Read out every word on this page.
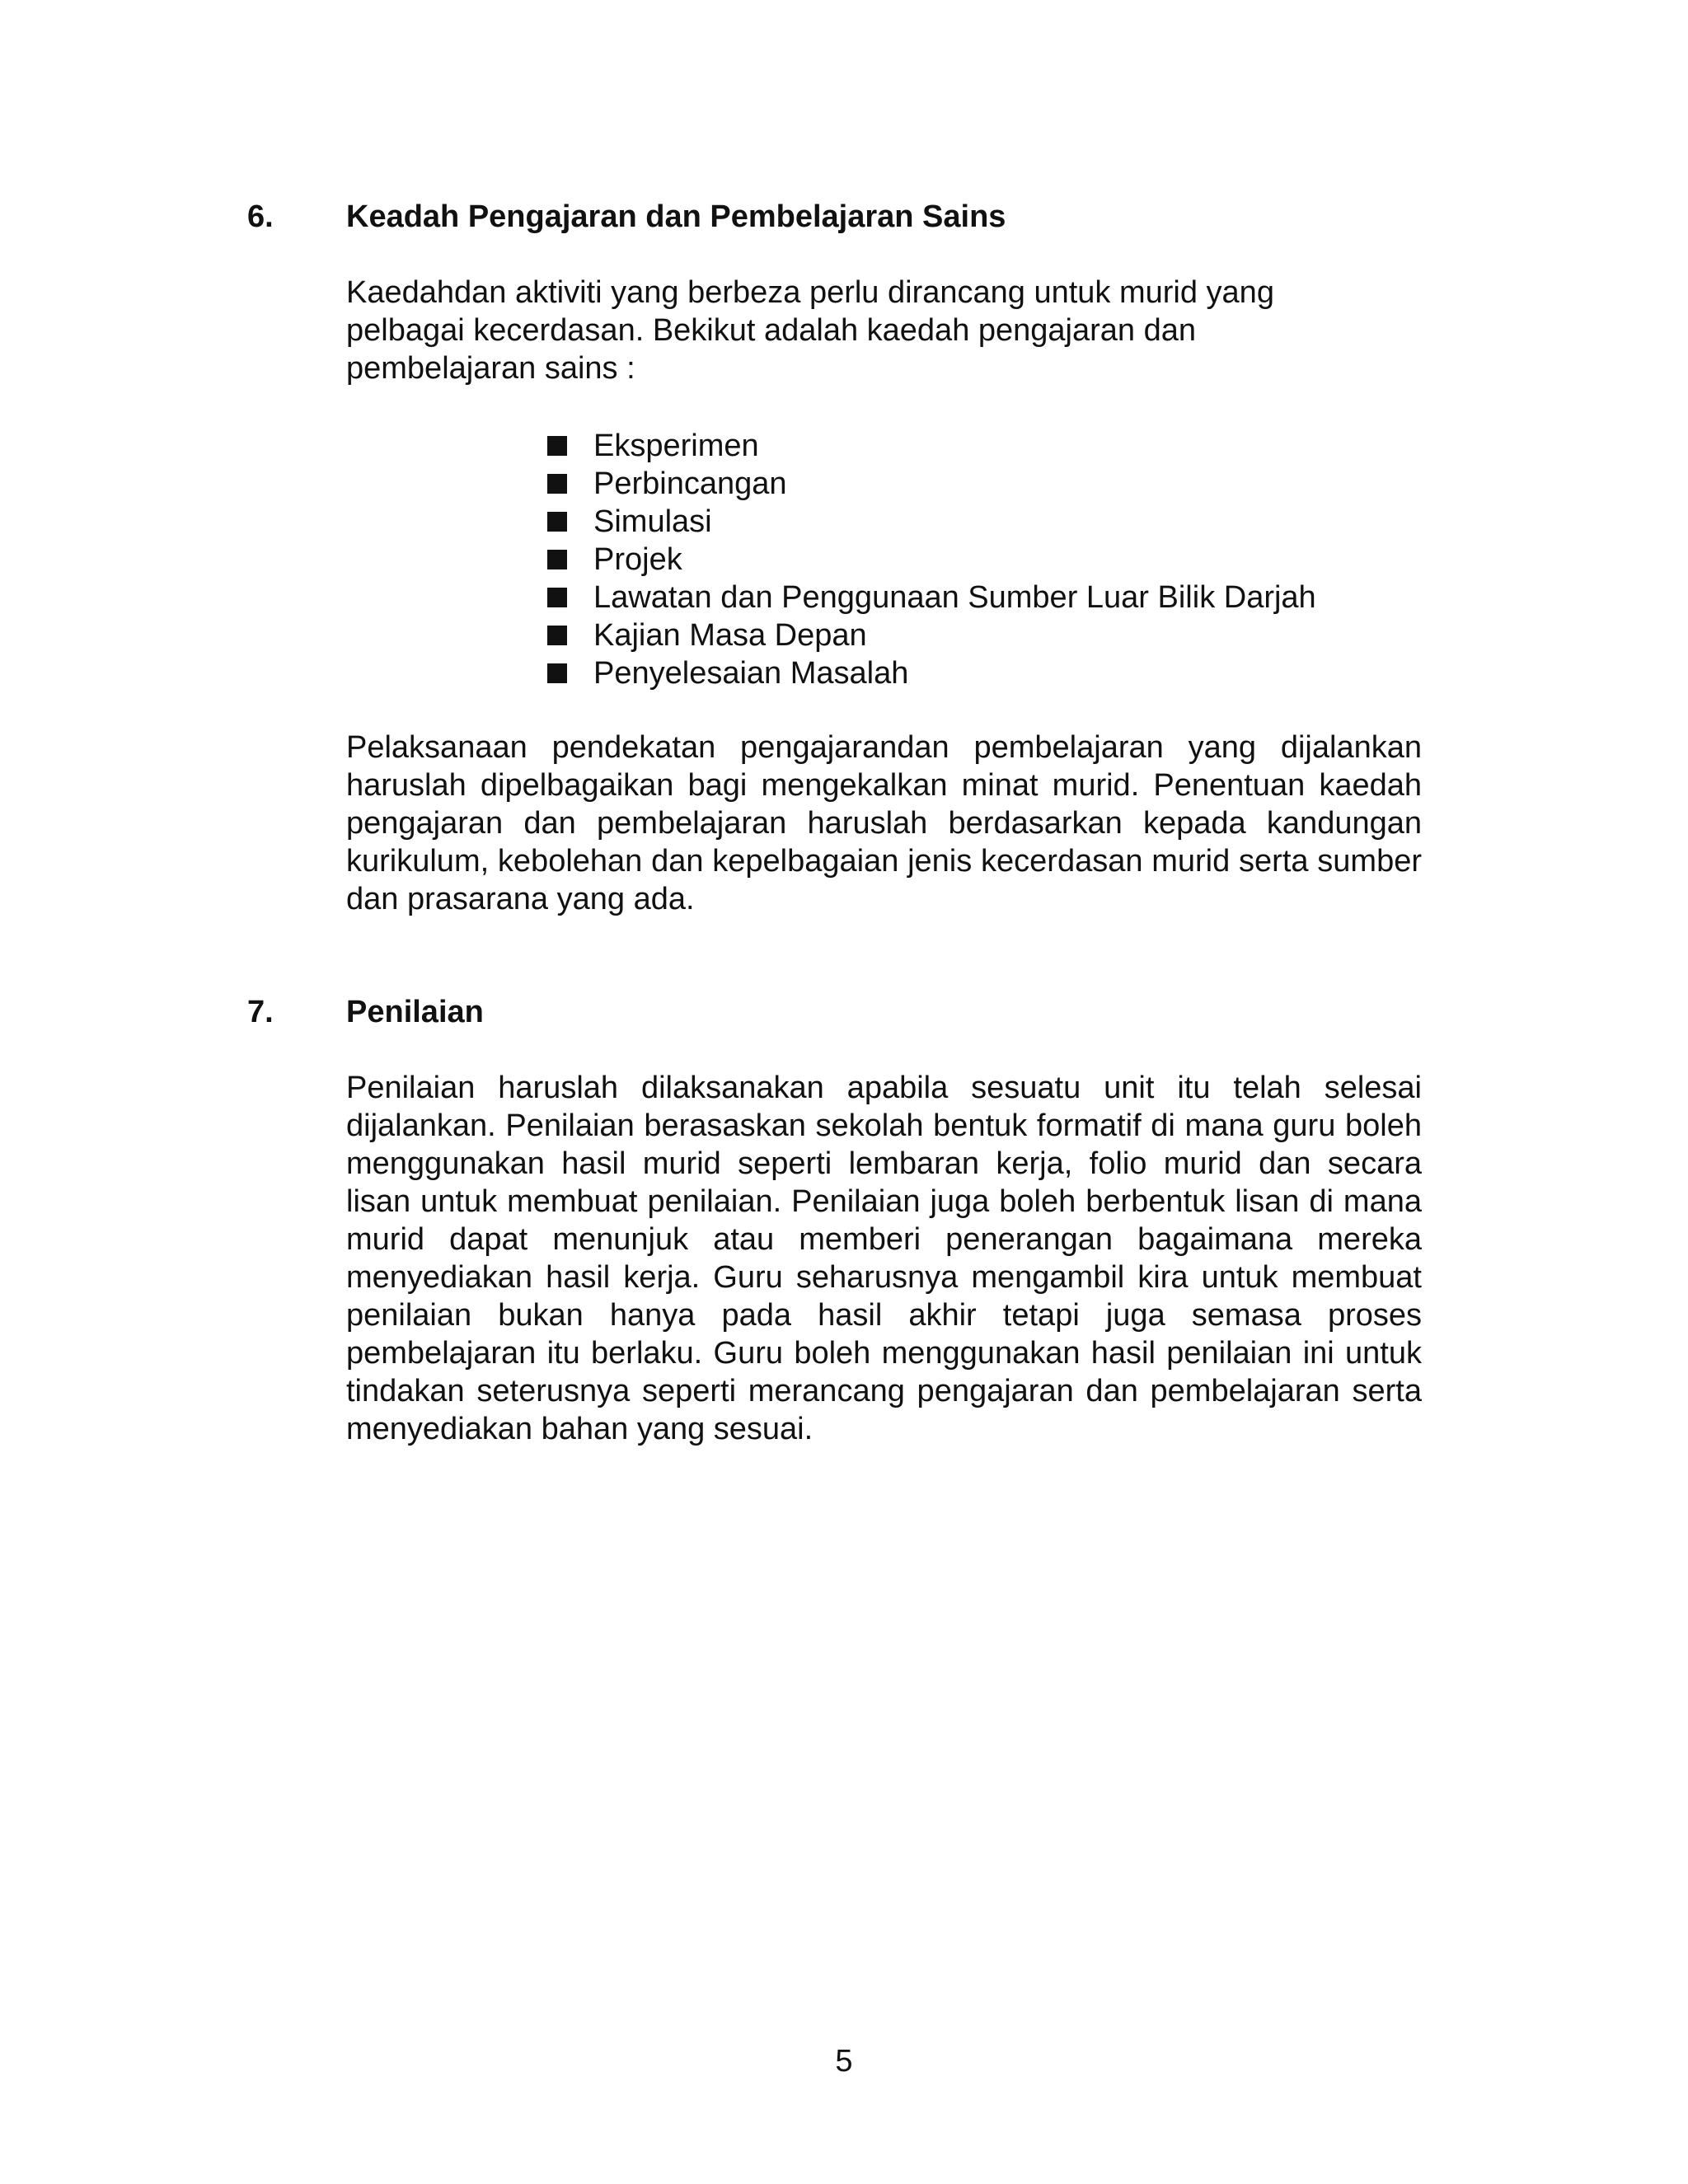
6. Keadah Pengajaran dan Pembelajaran Sains

Kaedahdan aktiviti yang berbeza perlu dirancang untuk murid yang pelbagai kecerdasan. Bekikut adalah kaedah pengajaran dan pembelajaran sains :

Eksperimen
Perbincangan
Simulasi
Projek
Lawatan dan Penggunaan Sumber Luar Bilik Darjah
Kajian Masa Depan
Penyelesaian Masalah

Pelaksanaan pendekatan pengajarandan pembelajaran yang dijalankan haruslah dipelbagaikan bagi mengekalkan minat murid. Penentuan kaedah pengajaran dan pembelajaran haruslah berdasarkan kepada kandungan kurikulum, kebolehan dan kepelbagaian jenis kecerdasan murid serta sumber dan prasarana yang ada.

7. Penilaian

Penilaian haruslah dilaksanakan apabila sesuatu unit itu telah selesai dijalankan. Penilaian berasaskan sekolah bentuk formatif di mana guru boleh menggunakan hasil murid seperti lembaran kerja, folio murid dan secara lisan untuk membuat penilaian. Penilaian juga boleh berbentuk lisan di mana murid dapat menunjuk atau memberi penerangan bagaimana mereka menyediakan hasil kerja. Guru seharusnya mengambil kira untuk membuat penilaian bukan hanya pada hasil akhir tetapi juga semasa proses pembelajaran itu berlaku. Guru boleh menggunakan hasil penilaian ini untuk tindakan seterusnya seperti merancang pengajaran dan pembelajaran serta menyediakan bahan yang sesuai.

5
